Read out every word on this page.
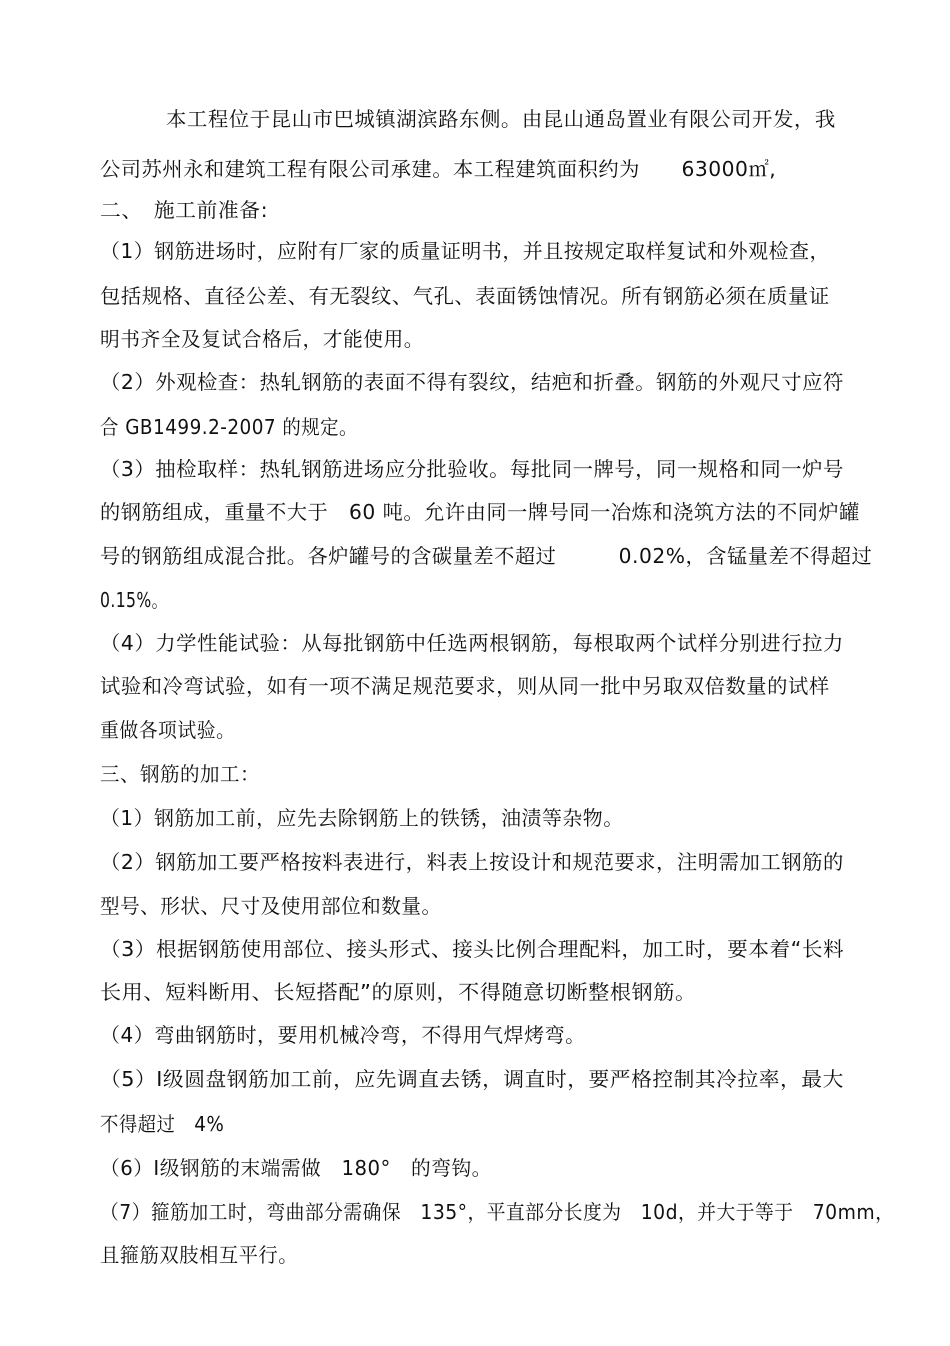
本工程位于昆山市巴城镇湖滨路东侧。由昆山通岛置业有限公司开发，我
公司苏州永和建筑工程有限公司承建。本工程建筑面积约为　　63000㎡,
二、　施工前准备:
（1）钢筋进场时，应附有厂家的质量证明书，并且按规定取样复试和外观检查，
包括规格、直径公差、有无裂纹、气孔、表面锈蚀情况。所有钢筋必须在质量证
明书齐全及复试合格后，才能使用。
（2）外观检查：热轧钢筋的表面不得有裂纹，结疤和折叠。钢筋的外观尺寸应符
合 GB1499.2-2007 的规定。
（3）抽检取样：热轧钢筋进场应分批验收。每批同一牌号，同一规格和同一炉号
的钢筋组成，重量不大于　60 吨。允许由同一牌号同一冶炼和浇筑方法的不同炉罐
号的钢筋组成混合批。各炉罐号的含碳量差不超过　　　0.02%，含锰量差不得超过
0.15%。
（4）力学性能试验：从每批钢筋中任选两根钢筋，每根取两个试样分别进行拉力
试验和冷弯试验，如有一项不满足规范要求，则从同一批中另取双倍数量的试样
重做各项试验。
三、钢筋的加工：
（1）钢筋加工前，应先去除钢筋上的铁锈，油渍等杂物。
（2）钢筋加工要严格按料表进行，料表上按设计和规范要求，注明需加工钢筋的
型号、形状、尺寸及使用部位和数量。
（3）根据钢筋使用部位、接头形式、接头比例合理配料，加工时，要本着“长料
长用、短料断用、长短搭配”的原则，不得随意切断整根钢筋。
（4）弯曲钢筋时，要用机械冷弯，不得用气焊烤弯。
（5）Ⅰ级圆盘钢筋加工前，应先调直去锈，调直时，要严格控制其冷拉率，最大
不得超过　4%
（6）Ⅰ级钢筋的末端需做　180°　的弯钩。
（7）箍筋加工时，弯曲部分需确保　135°，平直部分长度为　10d，并大于等于　70mm，
且箍筋双肢相互平行。
